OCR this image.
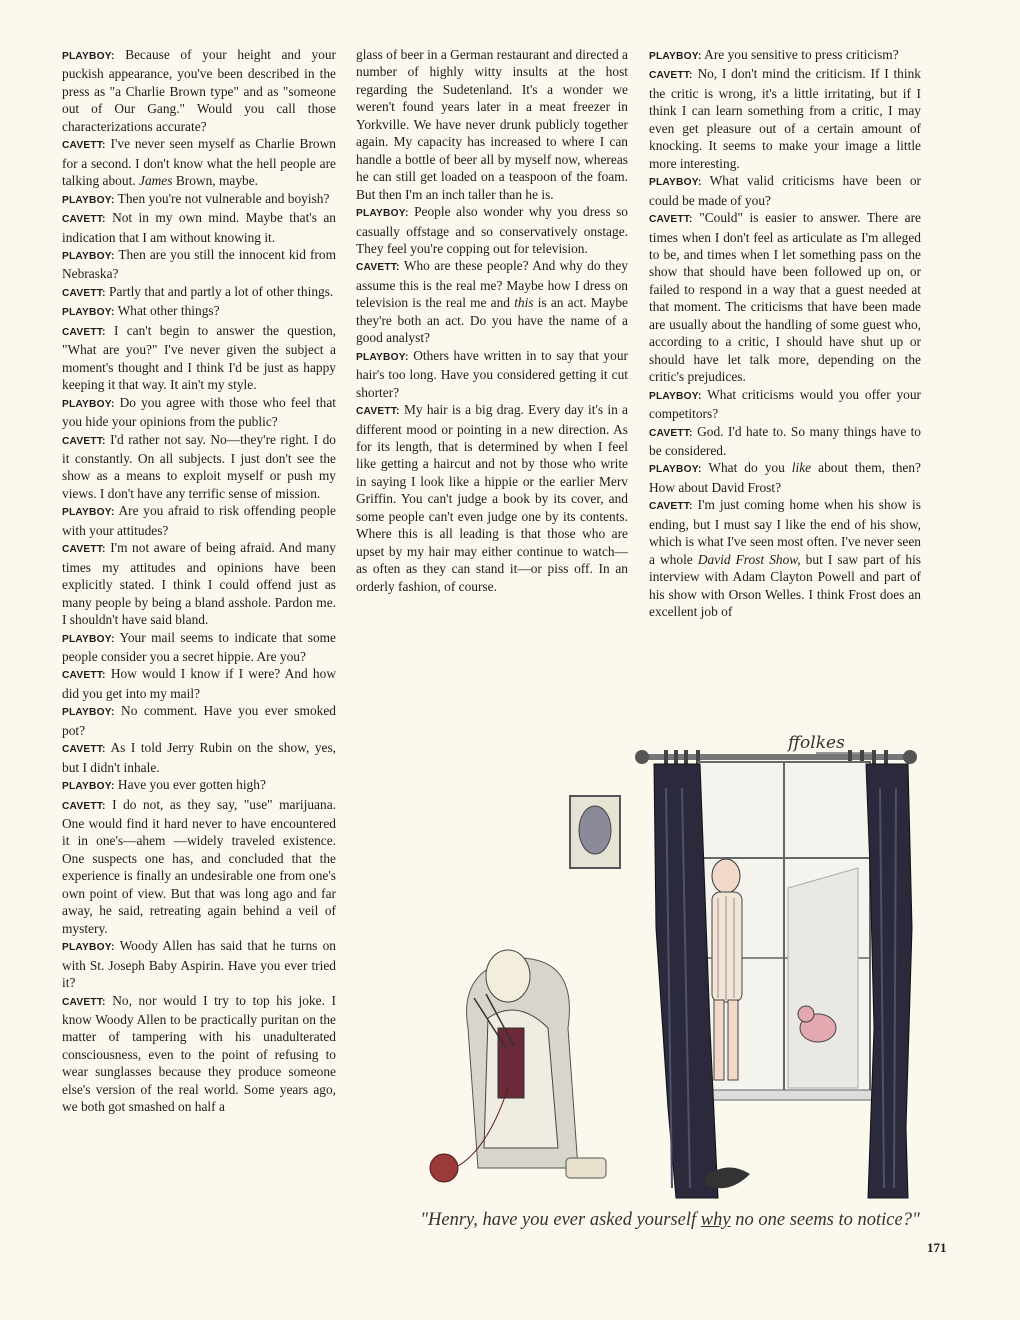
PLAYBOY: Because of your height and your puckish appearance, you've been described in the press as "a Charlie Brown type" and as "someone out of Our Gang." Would you call those characterizations accurate?

CAVETT: I've never seen myself as Charlie Brown for a second. I don't know what the hell people are talking about. James Brown, maybe.

PLAYBOY: Then you're not vulnerable and boyish?

CAVETT: Not in my own mind. Maybe that's an indication that I am without knowing it.

PLAYBOY: Then are you still the innocent kid from Nebraska?

CAVETT: Partly that and partly a lot of other things.

PLAYBOY: What other things?

CAVETT: I can't begin to answer the question, "What are you?" I've never given the subject a moment's thought and I think I'd be just as happy keeping it that way. It ain't my style.

PLAYBOY: Do you agree with those who feel that you hide your opinions from the public?

CAVETT: I'd rather not say. No—they're right. I do it constantly. On all subjects. I just don't see the show as a means to exploit myself or push my views. I don't have any terrific sense of mission.

PLAYBOY: Are you afraid to risk offending people with your attitudes?

CAVETT: I'm not aware of being afraid. And many times my attitudes and opinions have been explicitly stated. I think I could offend just as many people by being a bland asshole. Pardon me. I shouldn't have said bland.

PLAYBOY: Your mail seems to indicate that some people consider you a secret hippie. Are you?

CAVETT: How would I know if I were? And how did you get into my mail?

PLAYBOY: No comment. Have you ever smoked pot?

CAVETT: As I told Jerry Rubin on the show, yes, but I didn't inhale.

PLAYBOY: Have you ever gotten high?

CAVETT: I do not, as they say, "use" marijuana. One would find it hard never to have encountered it in one's—ahem —widely traveled existence. One suspects one has, and concluded that the experience is finally an undesirable one from one's own point of view. But that was long ago and far away, he said, retreating again behind a veil of mystery.

PLAYBOY: Woody Allen has said that he turns on with St. Joseph Baby Aspirin. Have you ever tried it?

CAVETT: No, nor would I try to top his joke. I know Woody Allen to be practically puritan on the matter of tampering with his unadulterated consciousness, even to the point of refusing to wear sunglasses because they produce someone else's version of the real world. Some years ago, we both got smashed on half a

glass of beer in a German restaurant and directed a number of highly witty insults at the host regarding the Sudetenland. It's a wonder we weren't found years later in a meat freezer in Yorkville. We have never drunk publicly together again. My capacity has increased to where I can handle a bottle of beer all by myself now, whereas he can still get loaded on a teaspoon of the foam. But then I'm an inch taller than he is.

PLAYBOY: People also wonder why you dress so casually offstage and so conservatively onstage. They feel you're copping out for television.

CAVETT: Who are these people? And why do they assume this is the real me? Maybe how I dress on television is the real me and this is an act. Maybe they're both an act. Do you have the name of a good analyst?

PLAYBOY: Others have written in to say that your hair's too long. Have you considered getting it cut shorter?

CAVETT: My hair is a big drag. Every day it's in a different mood or pointing in a new direction. As for its length, that is determined by when I feel like getting a haircut and not by those who write in saying I look like a hippie or the earlier Merv Griffin. You can't judge a book by its cover, and some people can't even judge one by its contents. Where this is all leading is that those who are upset by my hair may either continue to watch—as often as they can stand it—or piss off. In an orderly fashion, of course.

PLAYBOY: Are you sensitive to press criticism?

CAVETT: No, I don't mind the criticism. If I think the critic is wrong, it's a little irritating, but if I think I can learn something from a critic, I may even get pleasure out of a certain amount of knocking. It seems to make your image a little more interesting.

PLAYBOY: What valid criticisms have been or could be made of you?

CAVETT: "Could" is easier to answer. There are times when I don't feel as articulate as I'm alleged to be, and times when I let something pass on the show that should have been followed up on, or failed to respond in a way that a guest needed at that moment. The criticisms that have been made are usually about the handling of some guest who, according to a critic, I should have shut up or should have let talk more, depending on the critic's prejudices.

PLAYBOY: What criticisms would you offer your competitors?

CAVETT: God. I'd hate to. So many things have to be considered.

PLAYBOY: What do you like about them, then? How about David Frost?

CAVETT: I'm just coming home when his show is ending, but I must say I like the end of his show, which is what I've seen most often. I've never seen a whole David Frost Show, but I saw part of his interview with Adam Clayton Powell and part of his show with Orson Welles. I think Frost does an excellent job of

ffolkes
"Henry, have you ever asked yourself why no one seems to notice?"
171
